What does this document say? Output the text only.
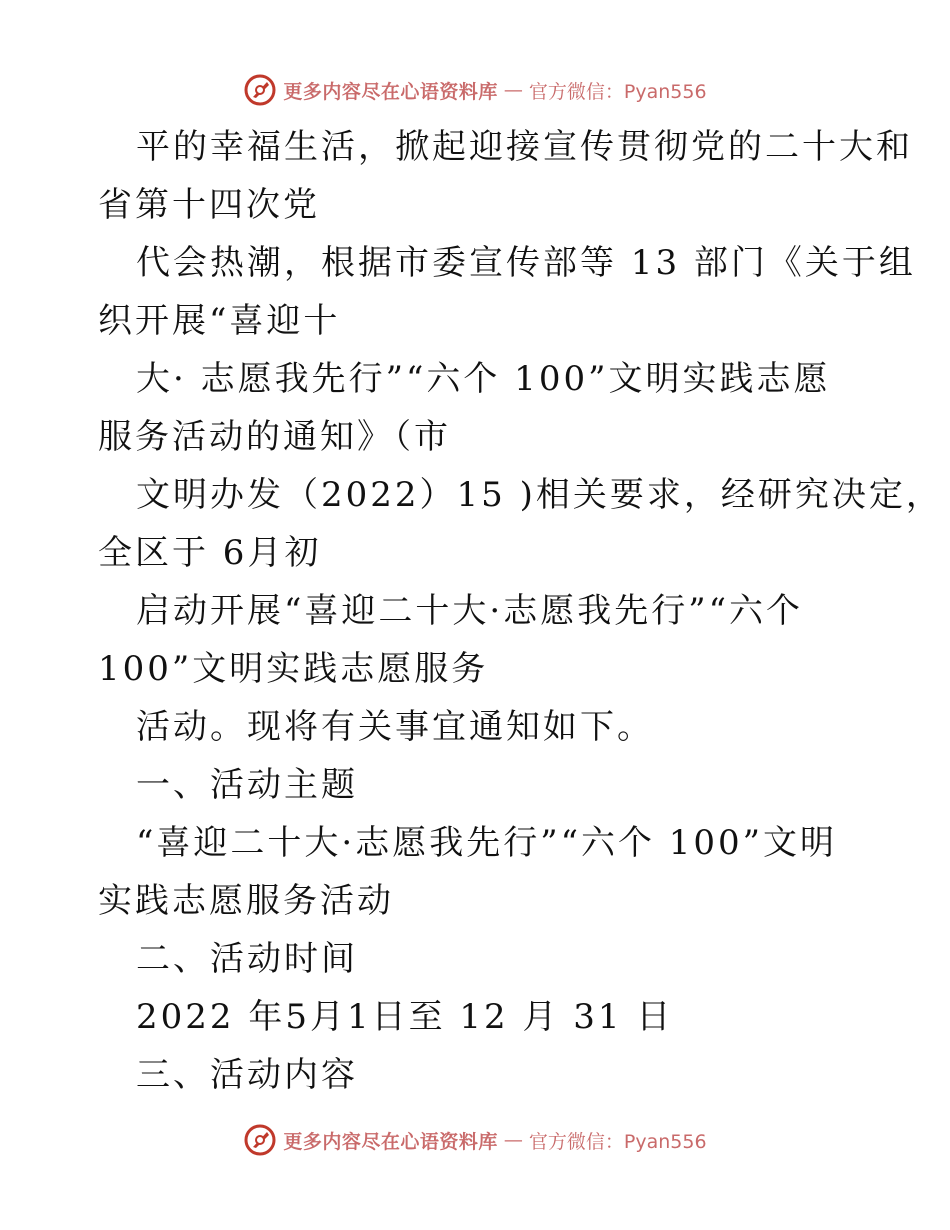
更多内容尽在心语资料库 — 官方微信：Pyan556
平的幸福生活，掀起迎接宣传贯彻党的二十大和
省第十四次党
代会热潮，根据市委宣传部等 13 部门《关于组
织开展“喜迎十
大· 志愿我先行”“六个 100”文明实践志愿
服务活动的通知》（市
文明办发（2022）15 )相关要求，经研究决定，
全区于 6月初
启动开展“喜迎二十大·志愿我先行”“六个
100”文明实践志愿服务
活动。现将有关事宜通知如下。
一、活动主题
“喜迎二十大·志愿我先行”“六个 100”文明
实践志愿服务活动
二、活动时间
2022 年5月1日至 12 月 31 日
三、活动内容
更多内容尽在心语资料库 — 官方微信：Pyan556
